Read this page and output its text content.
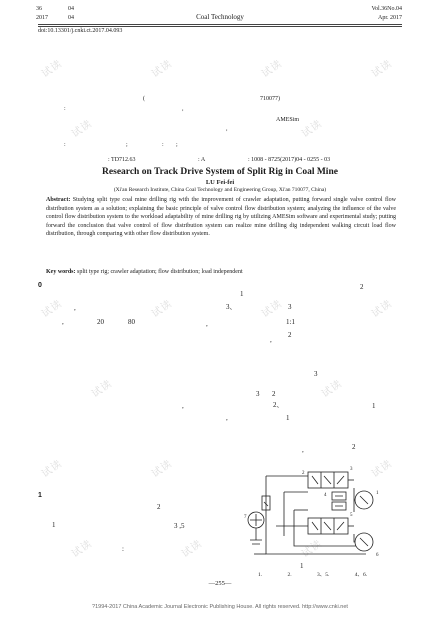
试读	试读	试读	试读
试读	试读
试读	试读	试读	试读
试读	试读
试读	试读	试读
试读	试读	试读
36	04
2017	04	Coal Technology
Vol.36No.04
Apr. 2017
doi:10.13301/j.cnki.ct.2017.04.093
(	710077)
:	,
AMESim
,
:	;	: ;
: TD712.63	: A	: 1008 - 8725(2017)04 - 0255 - 03
Research on Track Drive System of Split Rig in Coal Mine
LU Fei-fei
(Xi'an Research Institute, China Coal Technology and Engineering Group, Xi'an 710077, China)
Abstract: Studying split type coal mine drilling rig with the improvement of crawler adaptation, putting forward single valve control flow distribution system as a solution; explaining the basic principle of valve control flow distribution system; analyzing the influence of the valve control flow distribution system to the workload adaptability of mine drilling rig by utilizing AMESim software and experimental study; putting forward the conclusion that valve control of flow distribution system can realize mine drilling dig independent walking circuit load flow distribution, through comparing with other flow distribution system.
Key words: split type rig; crawler adaptation; flow distribution; load independent
0	2
1
3、	3
,
,	20	80	1:1
,
2
,
3
3 2
2、	1
,
,	1
2
,
1
2
1	3 ,5
:
2
3
4
5
1
6
7
1
1.	2.	3、5.	4、6.
—255—
?1994-2017 China Academic Journal Electronic Publishing House. All rights reserved. http://www.cnki.net
